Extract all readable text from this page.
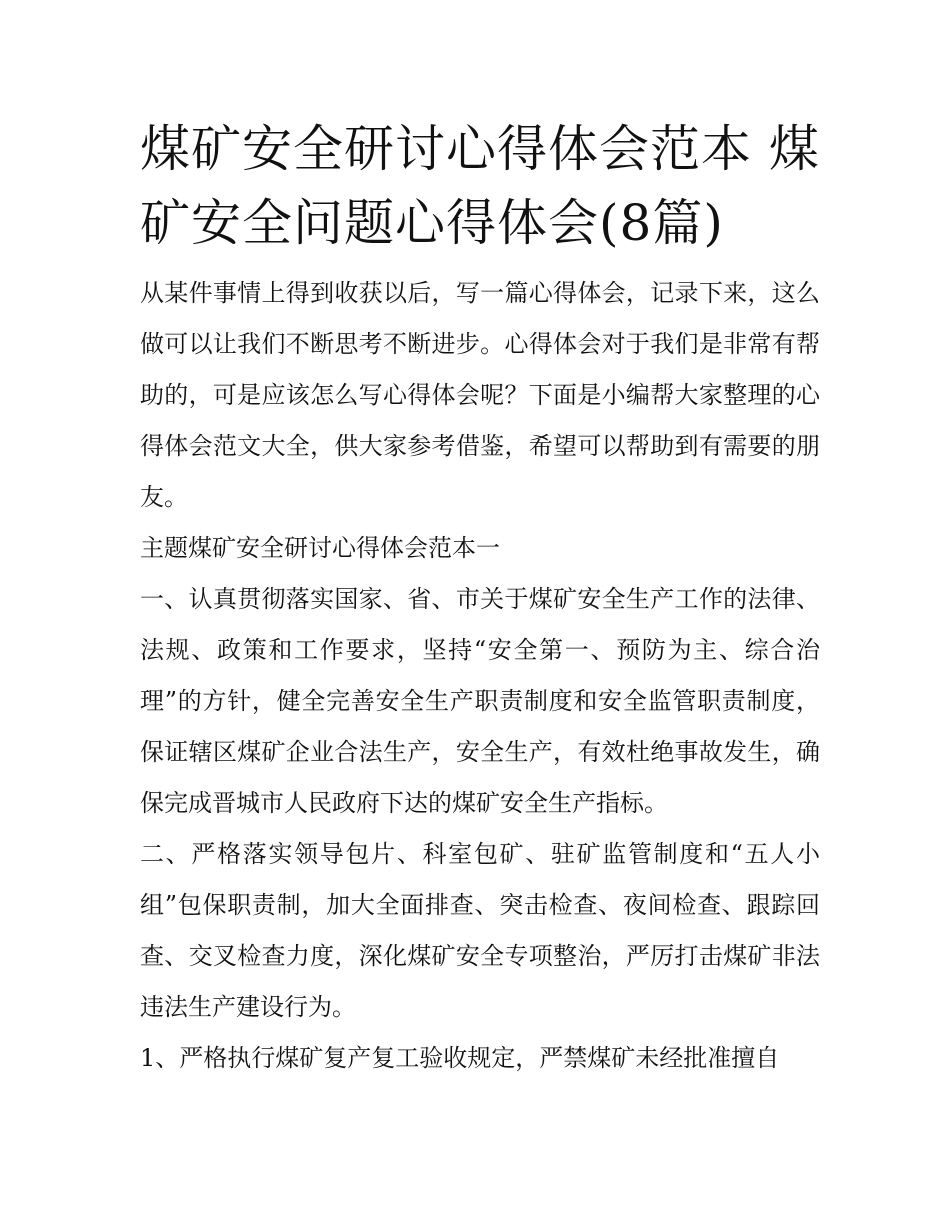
煤矿安全研讨心得体会范本 煤矿安全问题心得体会(8篇)

从某件事情上得到收获以后，写一篇心得体会，记录下来，这么做可以让我们不断思考不断进步。心得体会对于我们是非常有帮助的，可是应该怎么写心得体会呢？下面是小编帮大家整理的心得体会范文大全，供大家参考借鉴，希望可以帮助到有需要的朋友。

主题煤矿安全研讨心得体会范本一

一、认真贯彻落实国家、省、市关于煤矿安全生产工作的法律、法规、政策和工作要求，坚持“安全第一、预防为主、综合治理”的方针，健全完善安全生产职责制度和安全监管职责制度，保证辖区煤矿企业合法生产，安全生产，有效杜绝事故发生，确保完成晋城市人民政府下达的煤矿安全生产指标。

二、严格落实领导包片、科室包矿、驻矿监管制度和“五人小组”包保职责制，加大全面排查、突击检查、夜间检查、跟踪回查、交叉检查力度，深化煤矿安全专项整治，严厉打击煤矿非法违法生产建设行为。

1、严格执行煤矿复产复工验收规定，严禁煤矿未经批准擅自
